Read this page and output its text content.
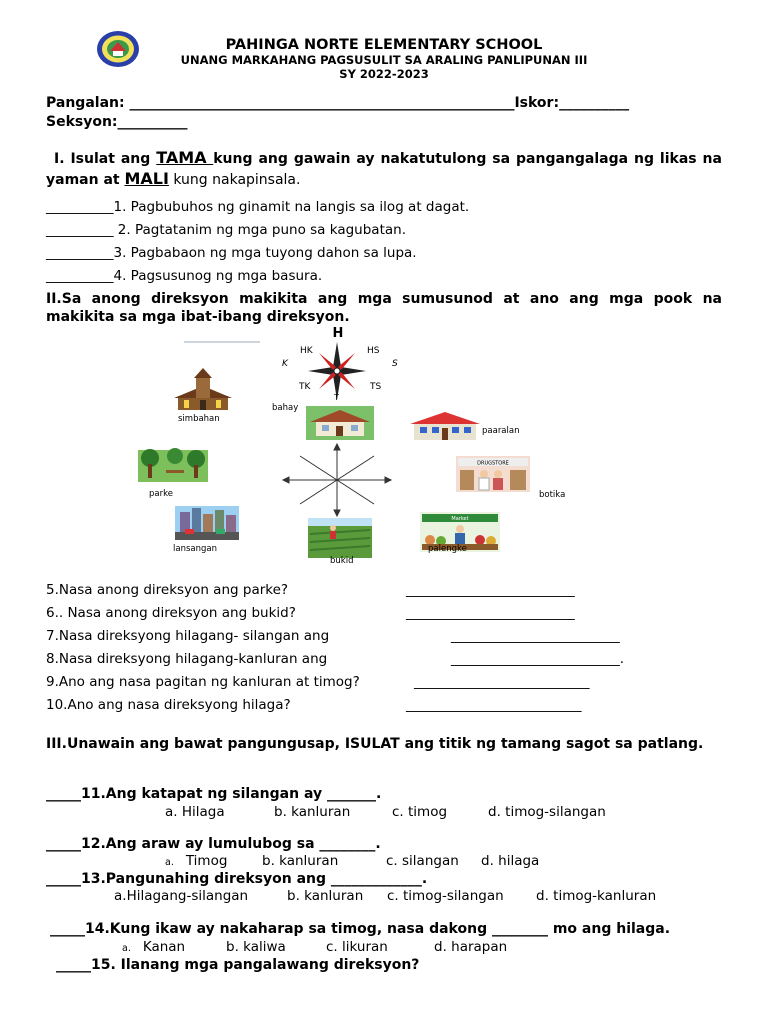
PAHINGA NORTE ELEMENTARY SCHOOL
UNANG MARKAHANG PAGSUSULIT SA ARALING PANLIPUNAN III
SY 2022-2023
Pangalan: _______________________________________________________Iskor:__________
Seksyon:__________
I. Isulat ang TAMA kung ang gawain ay nakatutulong sa pangangalaga ng likas na yaman at MALI kung nakapinsala.
__________1. Pagbubuhos ng ginamit na langis sa ilog at dagat.
__________ 2. Pagtatanim ng mga puno sa kagubatan.
__________3. Pagbabaon ng mga tuyong dahon sa lupa.
__________4. Pagsusunog ng mga basura.
II.Sa anong direksyon makikita ang mga sumusunod at ano ang mga pook na makikita sa mga ibat-ibang direksyon.
H
HK	HS
K	S
TK	TS
T
simbahan
bahay
paaralan
parke
DRUGSTORE
botika
lansangan
bukid
Market
palengke
5.Nasa anong direksyon ang parke?	_________________________
6.. Nasa anong direksyon ang bukid?	_________________________
7.Nasa direksyong hilagang- silangan ang	_________________________
8.Nasa direksyong hilagang-kanluran ang	_________________________.
9.Ano ang nasa pagitan ng kanluran at timog?	__________________________
10.Ano ang nasa direksyong hilaga?	__________________________
III.Unawain ang bawat pangungusap, ISULAT ang titik ng tamang sagot sa patlang.
_____11.Ang katapat ng silangan ay _______.
a. Hilaga	b. kanluran	c. timog	d. timog-silangan
_____12.Ang araw ay lumulubog sa ________.
a. Timog	b. kanluran	c. silangan d. hilaga
_____13.Pangunahing direksyon ang _____________.
a.Hilagang-silangan	b. kanluran c. timog-silangan d. timog-kanluran
_____14.Kung ikaw ay nakaharap sa timog, nasa dakong ________ mo ang hilaga.
a. Kanan	b. kaliwa	c. likuran	d. harapan
_____15. Ilanang mga pangalawang direksyon?
